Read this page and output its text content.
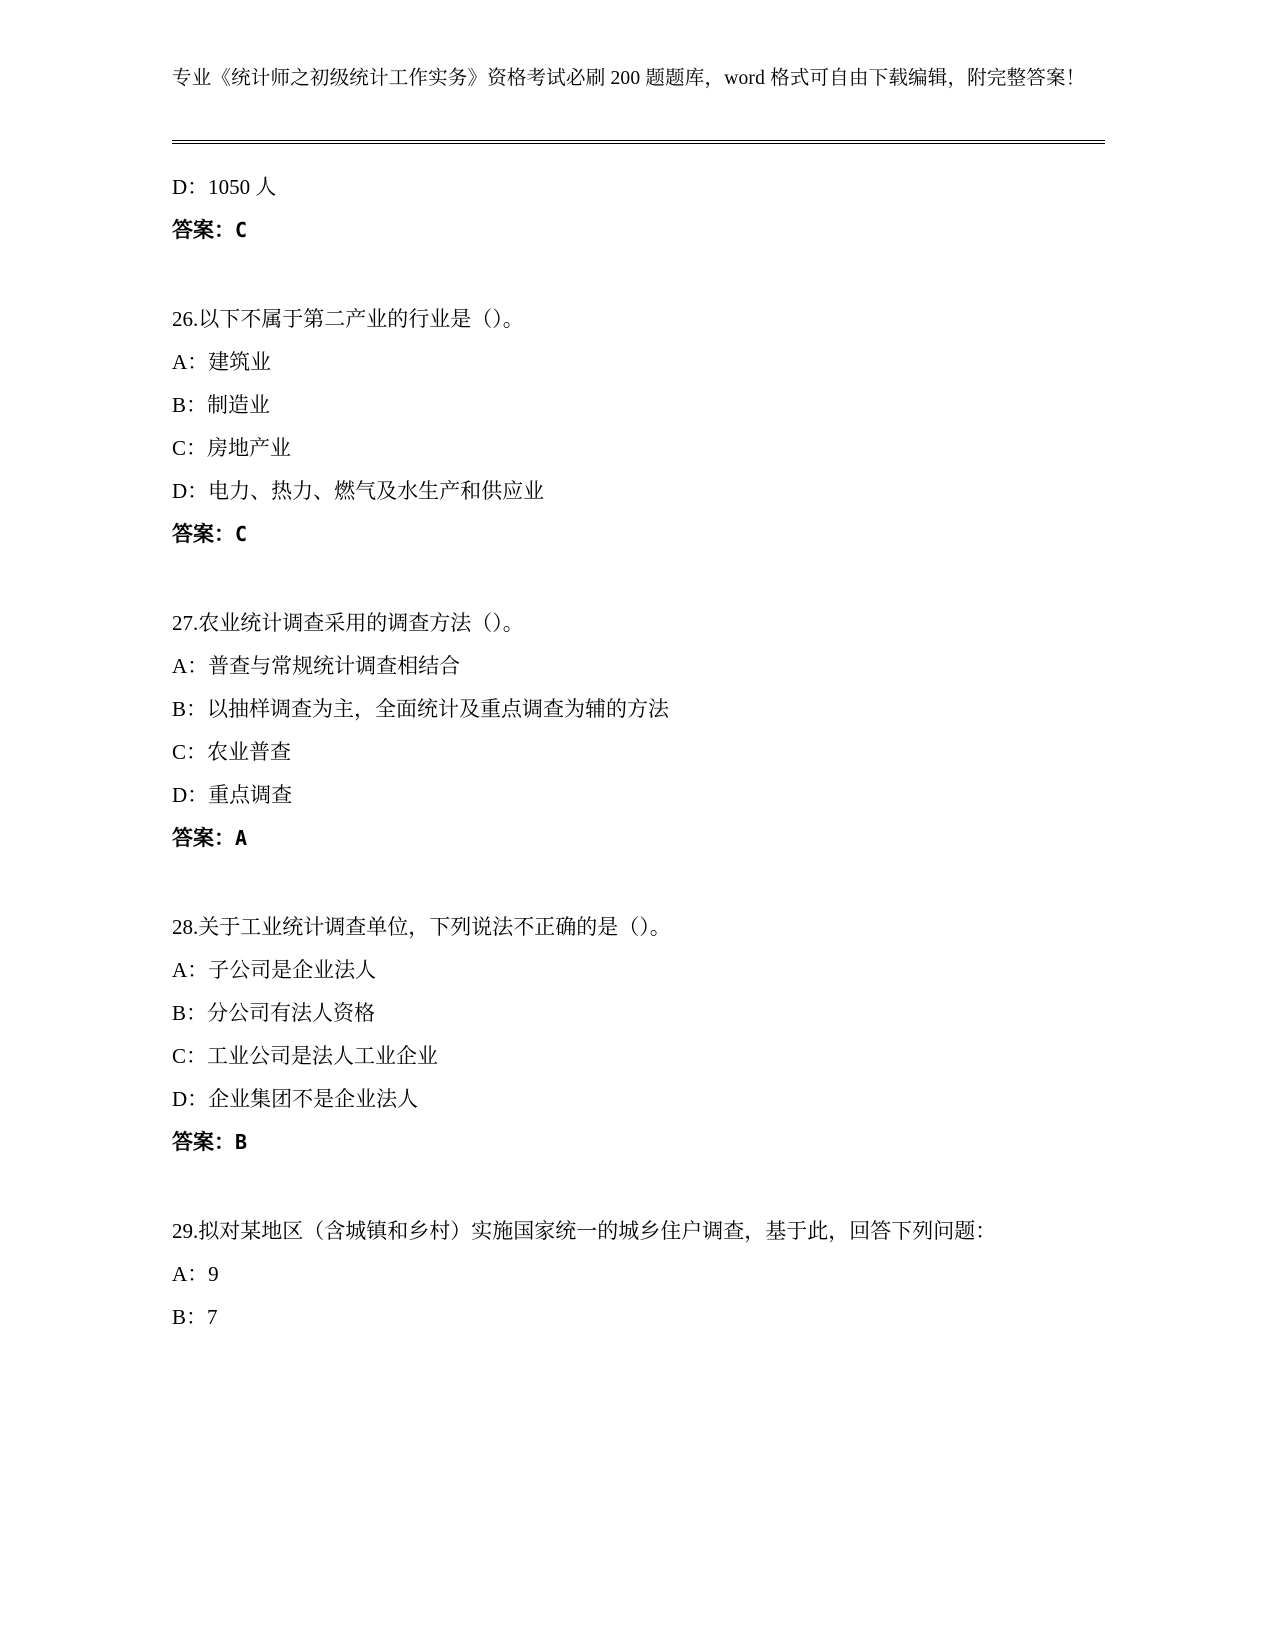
专业《统计师之初级统计工作实务》资格考试必刷 200 题题库，word 格式可自由下载编辑，附完整答案！
D：1050 人
答案：C
26.以下不属于第二产业的行业是（）。
A：建筑业
B：制造业
C：房地产业
D：电力、热力、燃气及水生产和供应业
答案：C
27.农业统计调查采用的调查方法（）。
A：普查与常规统计调查相结合
B：以抽样调查为主，全面统计及重点调查为辅的方法
C：农业普查
D：重点调查
答案：A
28.关于工业统计调查单位，下列说法不正确的是（）。
A：子公司是企业法人
B：分公司有法人资格
C：工业公司是法人工业企业
D：企业集团不是企业法人
答案：B
29.拟对某地区（含城镇和乡村）实施国家统一的城乡住户调查，基于此，回答下列问题：
A：9
B：7
